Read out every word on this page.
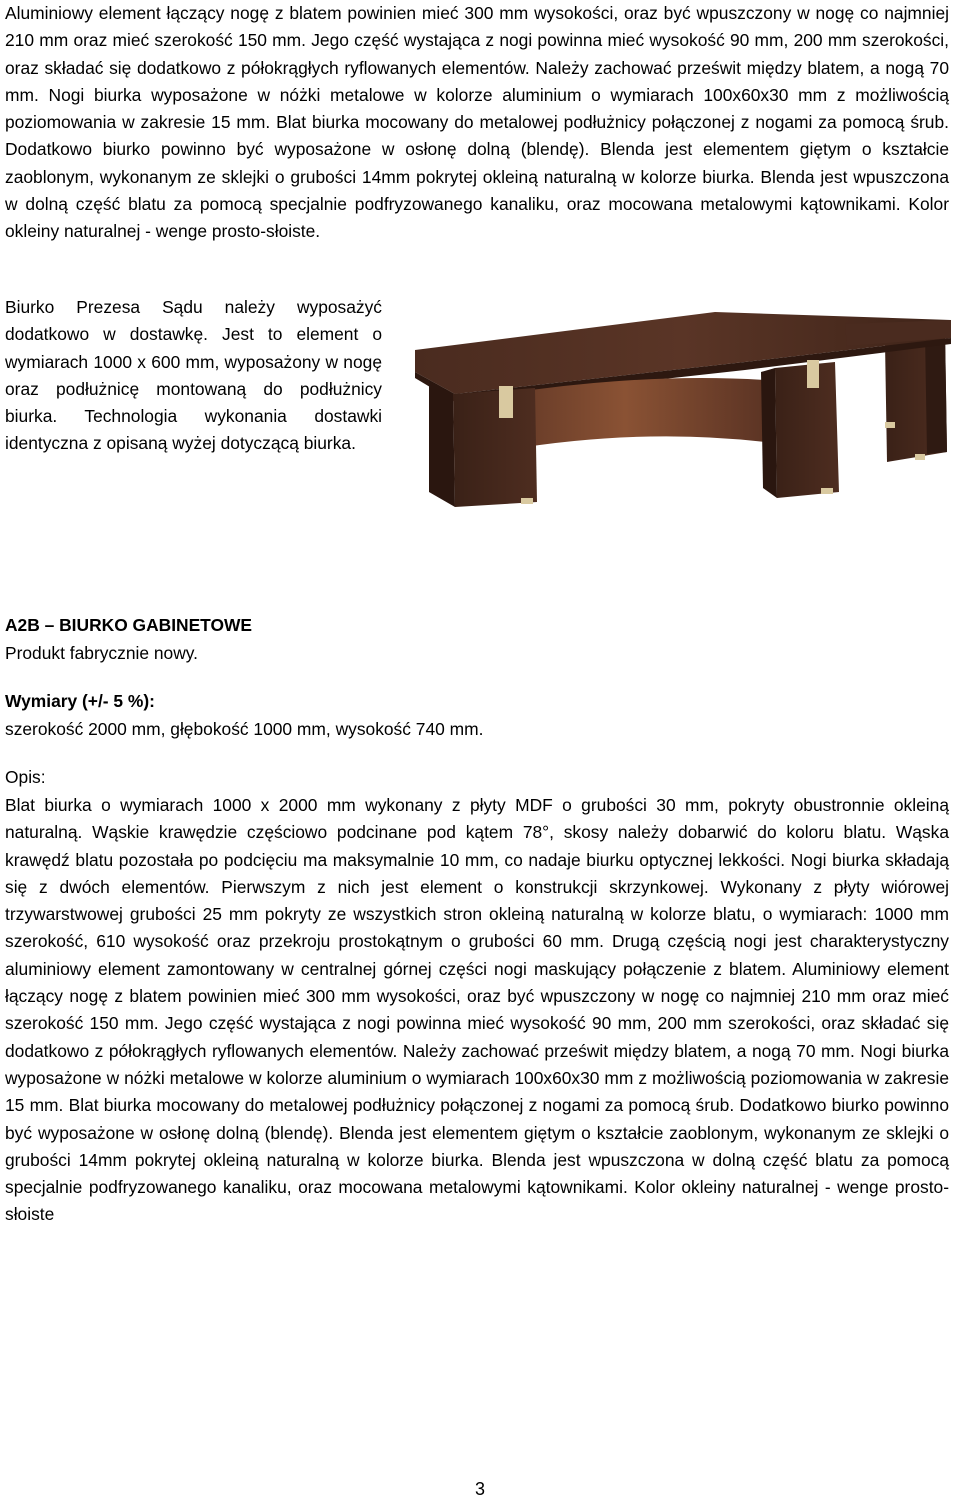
Aluminiowy element łączący nogę z blatem powinien mieć 300 mm wysokości, oraz być wpuszczony w nogę co najmniej 210 mm oraz mieć szerokość 150 mm. Jego część wystająca z nogi powinna mieć wysokość 90 mm, 200 mm szerokości, oraz składać się dodatkowo z półokrągłych ryflowanych elementów. Należy zachować prześwit między blatem, a nogą 70 mm. Nogi biurka wyposażone w nóżki metalowe w kolorze aluminium o wymiarach 100x60x30 mm z możliwością poziomowania w zakresie 15 mm. Blat biurka mocowany do metalowej podłużnicy połączonej z nogami za pomocą śrub. Dodatkowo biurko powinno być wyposażone w osłonę dolną (blendę). Blenda jest elementem giętym o kształcie zaoblonym, wykonanym ze sklejki o grubości 14mm pokrytej okleiną naturalną w kolorze biurka. Blenda jest wpuszczona w dolną część blatu za pomocą specjalnie podfryzowanego kanaliku, oraz mocowana metalowymi kątownikami. Kolor okleiny naturalnej - wenge prosto-słoiste.

Biurko Prezesa Sądu należy wyposażyć dodatkowo w dostawkę. Jest to element o wymiarach 1000 x 600 mm, wyposażony w nogę oraz podłużnicę montowaną do podłużnicy biurka. Technologia wykonania dostawki identyczna z opisaną wyżej dotyczącą biurka.

A2B – BIURKO GABINETOWE
Produkt fabrycznie nowy.
Wymiary (+/- 5 %):
szerokość 2000 mm, głębokość 1000 mm, wysokość 740 mm.
Opis:

Blat biurka o wymiarach 1000 x 2000 mm wykonany z płyty MDF o grubości 30 mm, pokryty obustronnie okleiną naturalną. Wąskie krawędzie częściowo podcinane pod kątem 78°, skosy należy dobarwić do koloru blatu. Wąska krawędź blatu pozostała po podcięciu ma maksymalnie 10 mm, co nadaje biurku optycznej lekkości. Nogi biurka składają się z dwóch elementów. Pierwszym z nich jest element o konstrukcji skrzynkowej. Wykonany z płyty wiórowej trzywarstwowej grubości 25 mm pokryty ze wszystkich stron okleiną naturalną w kolorze blatu, o wymiarach: 1000 mm szerokość, 610 wysokość oraz przekroju prostokątnym o grubości 60 mm. Drugą częścią nogi jest charakterystyczny aluminiowy element zamontowany w centralnej górnej części nogi maskujący połączenie z blatem. Aluminiowy element łączący nogę z blatem powinien mieć 300 mm wysokości, oraz być wpuszczony w nogę co najmniej 210 mm oraz mieć szerokość 150 mm. Jego część wystająca z nogi powinna mieć wysokość 90 mm, 200 mm szerokości, oraz składać się dodatkowo z półokrągłych ryflowanych elementów. Należy zachować prześwit między blatem, a nogą 70 mm. Nogi biurka wyposażone w nóżki metalowe w kolorze aluminium o wymiarach 100x60x30 mm z możliwością poziomowania w zakresie 15 mm. Blat biurka mocowany do metalowej podłużnicy połączonej z nogami za pomocą śrub. Dodatkowo biurko powinno być wyposażone w osłonę dolną (blendę). Blenda jest elementem giętym o kształcie zaoblonym, wykonanym ze sklejki o grubości 14mm pokrytej okleiną naturalną w kolorze biurka. Blenda jest wpuszczona w dolną część blatu za pomocą specjalnie podfryzowanego kanaliku, oraz mocowana metalowymi kątownikami. Kolor okleiny naturalnej - wenge prosto-słoiste

3
